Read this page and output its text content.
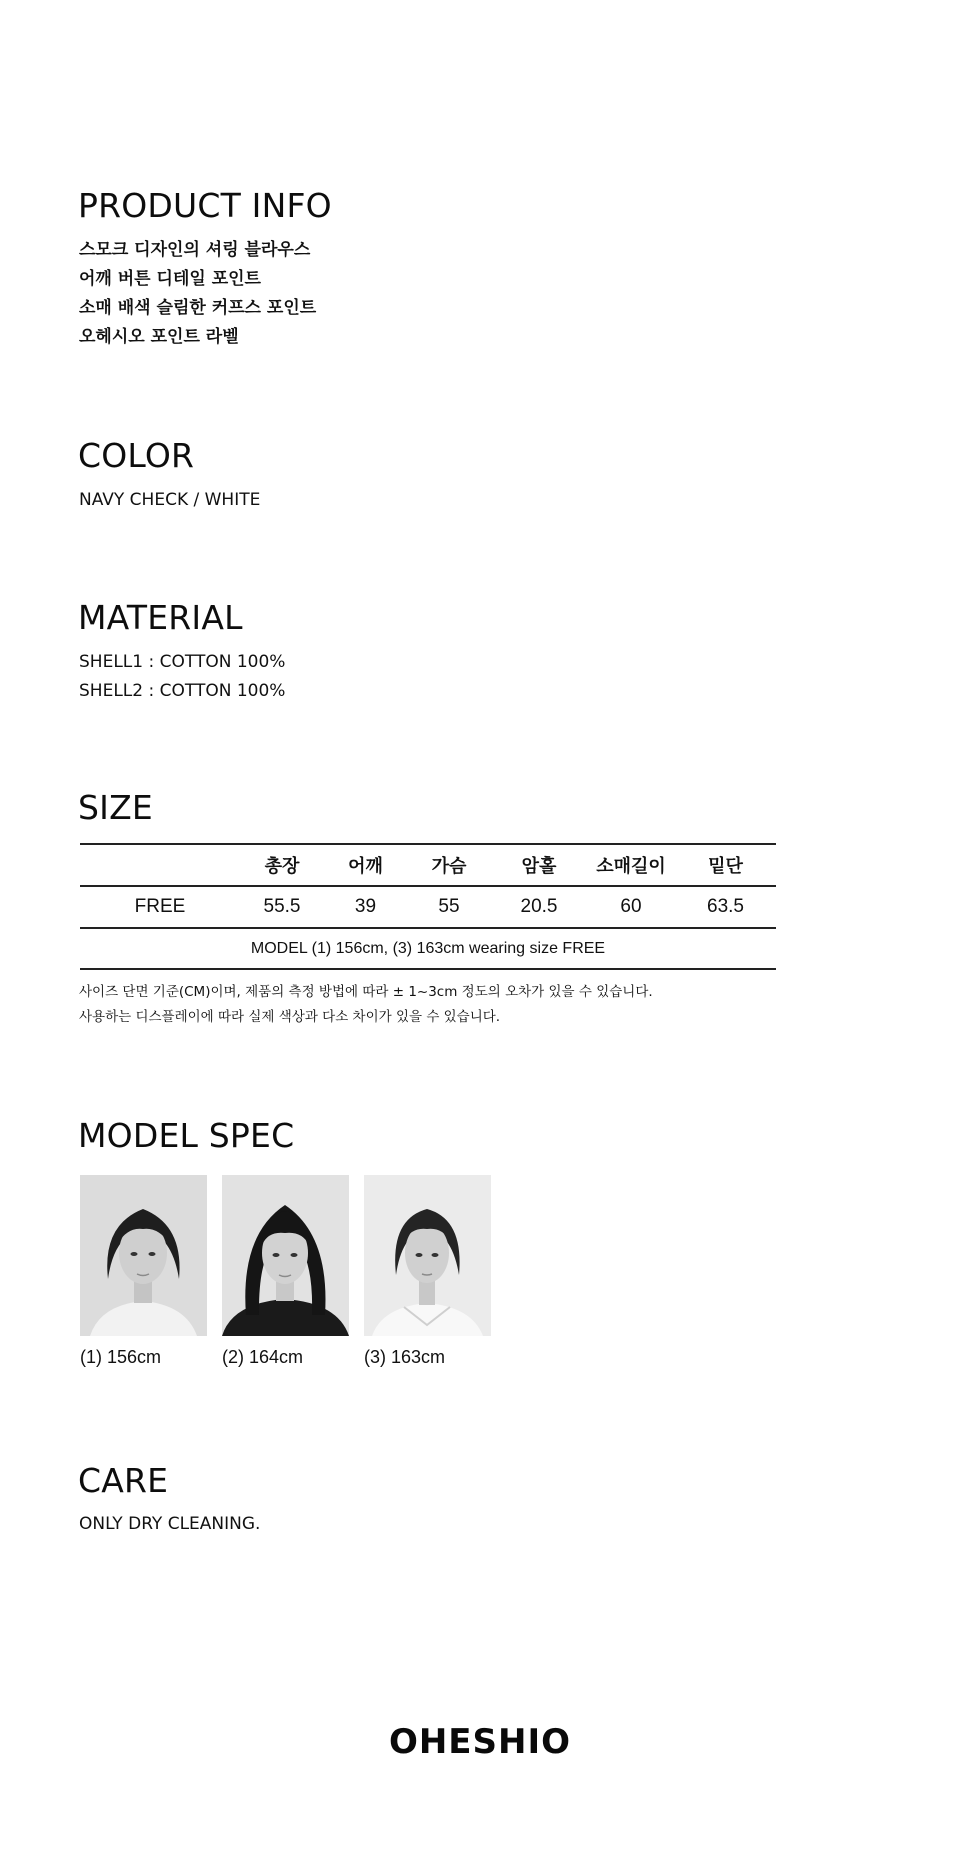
PRODUCT INFO
스모크 디자인의 셔링 블라우스
어깨 버튼 디테일 포인트
소매 배색 슬림한 커프스 포인트
오헤시오 포인트 라벨
COLOR

NAVY CHECK / WHITE

MATERIAL
SHELL1 : COTTON 100%
SHELL2 : COTTON 100%
SIZE
	총장	어깨	가슴	암홀	소매길이	밑단
FREE	55.5	39	55	20.5	60	63.5
MODEL (1) 156cm, (3) 163cm wearing size FREE						
사이즈 단면 기준(CM)이며, 제품의 측정 방법에 따라 ± 1~3cm 정도의 오차가 있을 수 있습니다.
사용하는 디스플레이에 따라 실제 색상과 다소 차이가 있을 수 있습니다.
MODEL SPEC
(1) 156cm	(2) 164cm	(3) 163cm
CARE

ONLY DRY CLEANING.

OHESHIO
